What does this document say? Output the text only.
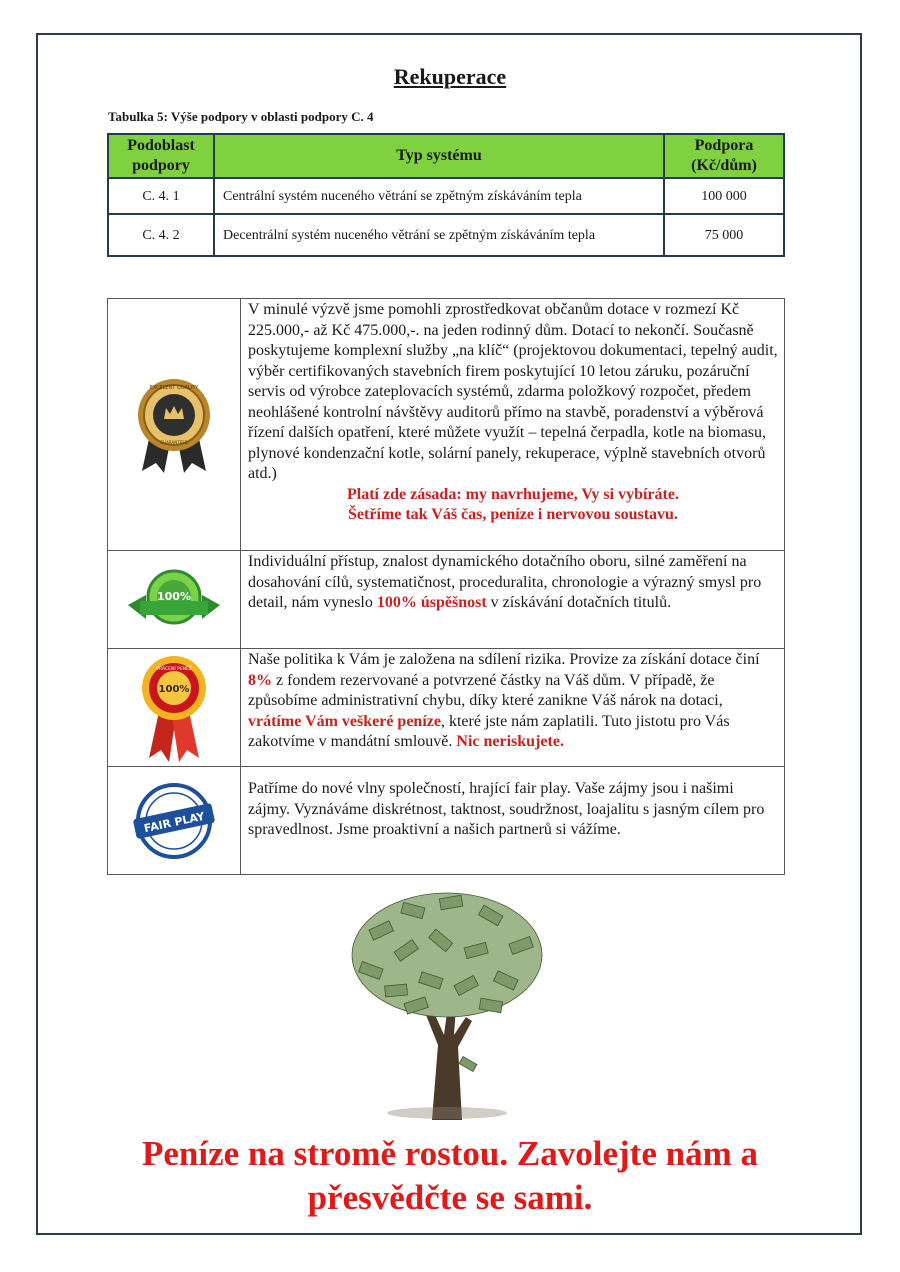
Rekuperace
Tabulka 5: Výše podpory v oblasti podpory C. 4
Podoblast podpory	Typ systému	Podpora (Kč/dům)
C. 4. 1	Centrální systém nuceného větrání se zpětným získáváním tepla	100 000
C. 4. 2	Decentrální systém nuceného větrání se zpětným získáváním tepla	75 000
EXCELENT QUALITY
GUARANTEED
V minulé výzvě jsme pomohli zprostředkovat občanům dotace v rozmezí Kč 225.000,- až Kč 475.000,-. na jeden rodinný dům. Dotací to nekončí. Současně poskytujeme komplexní služby „na klíč“ (projektovou dokumentaci, tepelný audit, výběr certifikovaných stavebních firem poskytující 10 letou záruku, pozáruční servis od výrobce zateplovacích systémů, zdarma položkový rozpočet, předem neohlášené kontrolní návštěvy auditorů přímo na stavbě, poradenství a výběrová řízení dalších opatření, které můžete využít – tepelná čerpadla, kotle na biomasu, plynové kondenzační kotle, solární panely, rekuperace, výplně stavebních otvorů atd.)
Platí zde zásada: my navrhujeme, Vy si vybíráte.
Šetříme tak Váš čas, peníze i nervovou soustavu.
100%
Individuální přístup, znalost dynamického dotačního oboru, silné zaměření na dosahování cílů, systematičnost, proceduralita, chronologie a výrazný smysl pro detail, nám vyneslo 100% úspěšnost v získávání dotačních titulů.
100%
VRÁCENÍ PENĚZ
Naše politika k Vám je založena na sdílení rizika. Provize za získání dotace činí 8% z fondem rezervované a potvrzené částky na Váš dům. V případě, že způsobíme administrativní chybu, díky které zanikne Váš nárok na dotaci, vrátíme Vám veškeré peníze, které jste nám zaplatili. Tuto jistotu pro Vás zakotvíme v mandátní smlouvě. Nic neriskujete.
FAIR PLAY
Patříme do nové vlny společností, hrající fair play. Vaše zájmy jsou i našimi zájmy. Vyznáváme diskrétnost, taktnost, soudržnost, loajalitu s jasným cílem pro spravedlnost. Jsme proaktivní a našich partnerů si vážíme.
Peníze na stromě rostou. Zavolejte nám a přesvědčte se sami.
